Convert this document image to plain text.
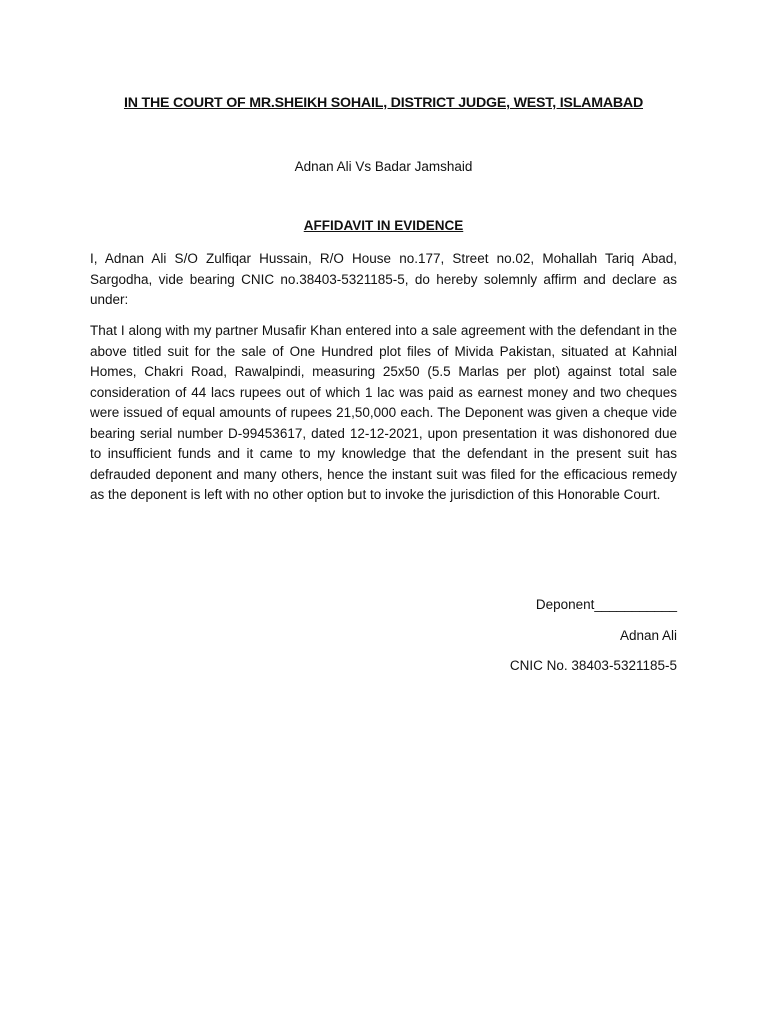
IN THE COURT OF MR.SHEIKH SOHAIL, DISTRICT JUDGE, WEST, ISLAMABAD
Adnan Ali Vs Badar Jamshaid
AFFIDAVIT IN EVIDENCE
I, Adnan Ali S/O Zulfiqar Hussain, R/O House no.177, Street no.02, Mohallah Tariq Abad, Sargodha, vide bearing CNIC no.38403-5321185-5, do hereby solemnly affirm and declare as under:
That I along with my partner Musafir Khan entered into a sale agreement with the defendant in the above titled suit for the sale of One Hundred plot files of Mivida Pakistan, situated at Kahnial Homes, Chakri Road, Rawalpindi, measuring 25x50 (5.5 Marlas per plot) against total sale consideration of 44 lacs rupees out of which 1 lac was paid as earnest money and two cheques were issued of equal amounts of rupees 21,50,000 each. The Deponent was given a cheque vide bearing serial number D-99453617, dated 12-12-2021, upon presentation it was dishonored due to insufficient funds and it came to my knowledge that the defendant in the present suit has defrauded deponent and many others, hence the instant suit was filed for the efficacious remedy as the deponent is left with no other option but to invoke the jurisdiction of this Honorable Court.
Deponent___________
Adnan Ali
CNIC No. 38403-5321185-5
